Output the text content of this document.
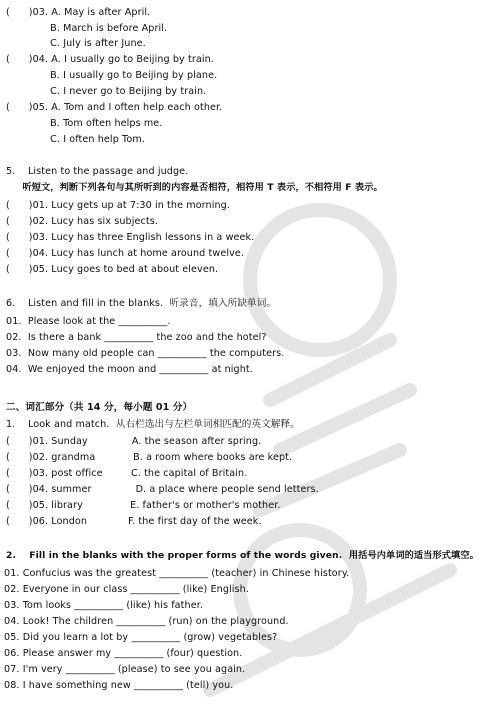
(      )03. A. May is after April.
B. March is before April.
C. July is after June.
(      )04. A. I usually go to Beijing by train.
B. I usually go to Beijing by plane.
C. I never go to Beijing by train.
(      )05. A. Tom and I often help each other.
B. Tom often helps me.
C. I often help Tom.
5.    Listen to the passage and judge.
听短文，判断下列各句与其所听到的内容是否相符，相符用 T 表示，不相符用 F 表示。
(      )01. Lucy gets up at 7:30 in the morning.
(      )02. Lucy has six subjects.
(      )03. Lucy has three English lessons in a week.
(      )04. Lucy has lunch at home around twelve.
(      )05. Lucy goes to bed at about eleven.
6.    Listen and fill in the blanks.  听录音，填入所缺单词。
01.  Please look at the __________.
02.  Is there a bank __________ the zoo and the hotel?
03.  Now many old people can __________ the computers.
04.  We enjoyed the moon and __________ at night.
二、词汇部分（共 14 分，每小题 01 分）
1.    Look and match.  从右栏选出与左栏单词相匹配的英文解释。
(      )01. Sunday              A. the season after spring.
(      )02. grandma            B. a room where books are kept.
(      )03. post office         C. the capital of Britain.
(      )04. summer              D. a place where people send letters.
(      )05. library               E. father's or mother's mother.
(      )06. London             F. the first day of the week.
2.    Fill in the blanks with the proper forms of the words given.  用括号内单词的适当形式填空。
01. Confucius was the greatest __________ (teacher) in Chinese history.
02. Everyone in our class __________ (like) English.
03. Tom looks __________ (like) his father.
04. Look! The children __________ (run) on the playground.
05. Did you learn a lot by __________ (grow) vegetables?
06. Please answer my __________ (four) question.
07. I'm very __________ (please) to see you again.
08. I have something new __________ (tell) you.
